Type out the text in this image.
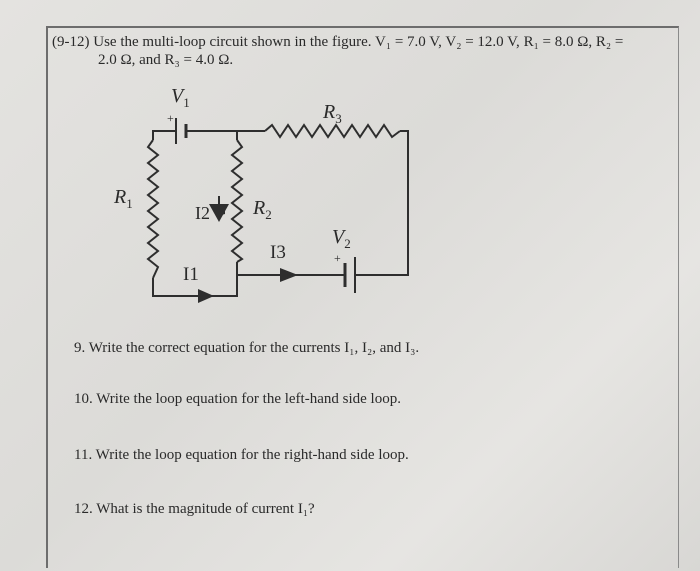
(9-12) Use the multi-loop circuit shown in the figure. V₁ = 7.0 V, V₂ = 12.0 V, R₁ = 8.0 Ω, R₂ =
2.0 Ω, and R₃ = 4.0 Ω.
$V_1$	$R_3$
$R_1$	$R_2$
I2
I3
I1
$V_2$
+
+
9. Write the correct equation for the currents I₁, I₂, and I₃.
10. Write the loop equation for the left-hand side loop.
11. Write the loop equation for the right-hand side loop.
12. What is the magnitude of current I₁?
